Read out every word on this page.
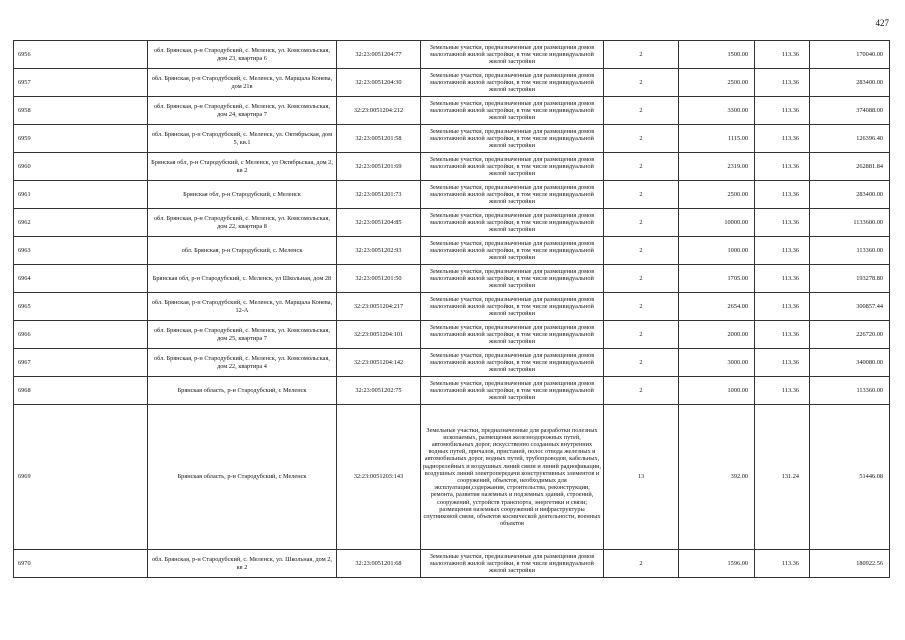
427
6956	обл. Брянская, р-н Стародубский, с. Меленск, ул. Комсомольская, дом 23, квартира 6	32:23:0051204:77	Земельные участки, предназначенные для размещения домов малоэтажной жилой застройки, в том числе индивидуальной жилой застройки	2	1500.00	113.36	170040.00
6957	обл. Брянская, р-н Стародубский, с. Меленск, ул. Марщала Конева, дом 21в	32:23:0051204:30	Земельные участки, предназначенные для размещения домов малоэтажной жилой застройки, в том числе индивидуальной жилой застройки	2	2500.00	113.36	283400.00
6958	обл. Брянская, р-н Стародубский, с. Меленск, ул. Комсомольская, дом 24, квартира 7	32:23:0051204:212	Земельные участки, предназначенные для размещения домов малоэтажной жилой застройки, в том числе индивидуальной жилой застройки	2	3300.00	113.36	374088.00
6959	обл. Брянская, р-н Стародубский, с. Меленск, ул. Октябрьская, дом 5, кв.1	32:23:0051201:58	Земельные участки, предназначенные для размещения домов малоэтажной жилой застройки, в том числе индивидуальной жилой застройки	2	1115.00	113.36	126396.40
6960	Брянская обл, р-н Стародубский, с Меленск, ул Октябрьская, дом 2, кв 2	32:23:0051201:69	Земельные участки, предназначенные для размещения домов малоэтажной жилой застройки, в том числе индивидуальной жилой застройки	2	2319.00	113.36	262881.84
6961	Брянская обл, р-н Стародубский, с Меленск	32:23:0051201:73	Земельные участки, предназначенные для размещения домов малоэтажной жилой застройки, в том числе индивидуальной жилой застройки	2	2500.00	113.36	283400.00
6962	обл. Брянская, р-н Стародубский, с. Меленск, ул. Комсомольская, дом 22, квартира 8	32:23:0051204:85	Земельные участки, предназначенные для размещения домов малоэтажной жилой застройки, в том числе индивидуальной жилой застройки	2	10000.00	113.36	1133600.00
6963	обл. Брянская, р-н Стародубский, с. Меленск	32:23:0051202:93	Земельные участки, предназначенные для размещения домов малоэтажной жилой застройки, в том числе индивидуальной жилой застройки	2	1000.00	113.36	113360.00
6964	Брянская обл, р-н Стародубский, с. Меленск, ул Школьная, дом 28	32:23:0051201:50	Земельные участки, предназначенные для размещения домов малоэтажной жилой застройки, в том числе индивидуальной жилой застройки	2	1705.00	113.36	193278.80
6965	обл. Брянская, р-н Стародубский, с. Меленск, ул. Марщала Конева, 12-А	32:23:0051204:217	Земельные участки, предназначенные для размещения домов малоэтажной жилой застройки, в том числе индивидуальной жилой застройки	2	2654.00	113.36	300857.44
6966	обл. Брянская, р-н Стародубский, с. Меленск, ул. Комсомольская, дом 25, квартира 7	32:23:0051204:101	Земельные участки, предназначенные для размещения домов малоэтажной жилой застройки, в том числе индивидуальной жилой застройки	2	2000.00	113.36	226720.00
6967	обл. Брянская, р-н Стародубский, с. Меленск, ул. Комсомольская, дом 22, квартира 4	32:23:0051204:142	Земельные участки, предназначенные для размещения домов малоэтажной жилой застройки, в том числе индивидуальной жилой застройки	2	3000.00	113.36	340080.00
6968	Брянская область, р-н Стародубский, с Меленск	32:23:0051202:75	Земельные участки, предназначенные для размещения домов малоэтажной жилой застройки, в том числе индивидуальной жилой застройки	2	1000.00	113.36	113360.00
6969	Брянская область, р-н Стародубский, с Меленск	32:23:0051203:143	Земельные участки, предназначенные для разработки полезных ископаемых, размещения железнодорожных путей, автомобильных дорог, искусственно созданных внутренних водных путей, причалов, пристаней, полос отвода железных и автомобильных дорог, водных путей, трубопроводов, кабельных, радиорелейных и воздушных линий связи и линий радиофикации, воздушных линий электропередачи конструктивных элементов и сооружений, объектов, необходимых для эксплуатации,содержания, строительства, реконструкции, ремонта, развития наземных и подземных зданий, строений, сооружений, устройств транспорта, энергетики и связи; размещения наземных сооружений и инфраструктуры спутниковой связи, объектов космической деятельности, военных объектов	13	392.00	131.24	51446.08
6970	обл. Брянская, р-н Стародубский, с. Меленск, ул. Школьная, дом 2, кв 2	32:23:0051201:68	Земельные участки, предназначенные для размещения домов малоэтажной жилой застройки, в том числе индивидуальной жилой застройки	2	1596.00	113.36	180922.56
